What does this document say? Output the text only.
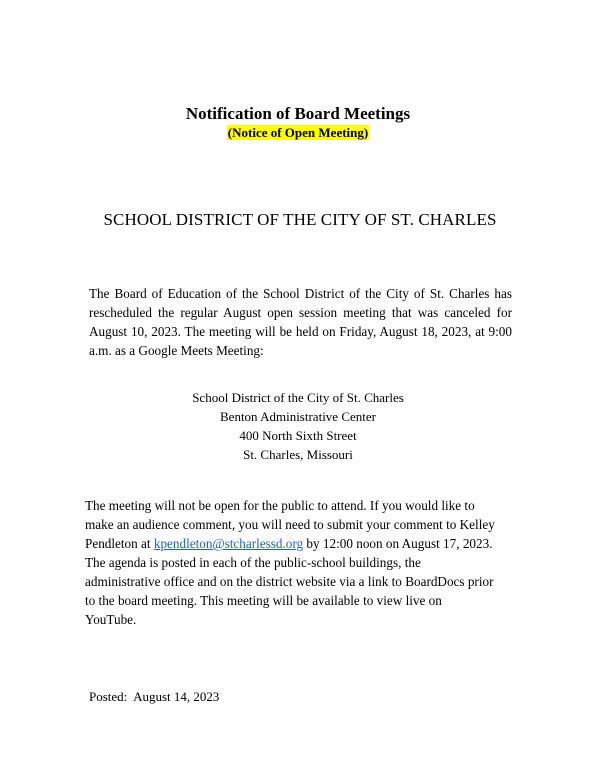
Notification of Board Meetings
(Notice of Open Meeting)
SCHOOL DISTRICT OF THE CITY OF ST. CHARLES
The Board of Education of the School District of the City of St. Charles has rescheduled the regular August open session meeting that was canceled for August 10, 2023. The meeting will be held on Friday, August 18, 2023, at 9:00 a.m. as a Google Meets Meeting:
School District of the City of St. Charles
Benton Administrative Center
400 North Sixth Street
St. Charles, Missouri
The meeting will not be open for the public to attend. If you would like to
make an audience comment, you will need to submit your comment to Kelley
Pendleton at kpendleton@stcharlessd.org by 12:00 noon on August 17, 2023.
The agenda is posted in each of the public-school buildings, the
administrative office and on the district website via a link to BoardDocs prior
to the board meeting. This meeting will be available to view live on
YouTube.
Posted:  August 14, 2023
